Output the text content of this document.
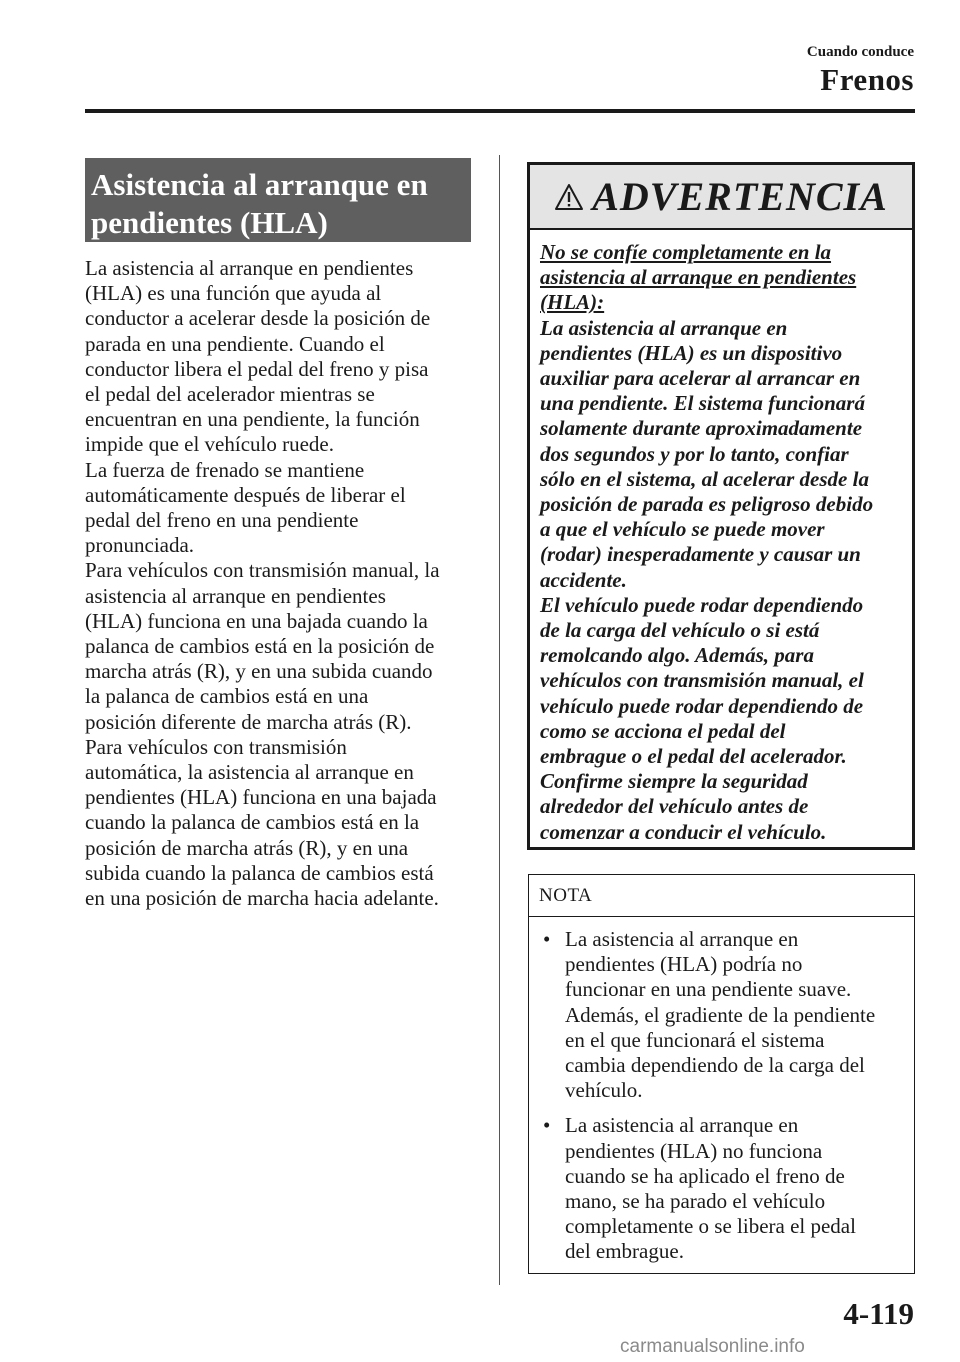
Cuando conduce
Frenos
Asistencia al arranque en
pendientes (HLA)

La asistencia al arranque en pendientes

(HLA) es una función que ayuda al

conductor a acelerar desde la posición de

parada en una pendiente. Cuando el

conductor libera el pedal del freno y pisa

el pedal del acelerador mientras se

encuentran en una pendiente, la función

impide que el vehículo ruede.

La fuerza de frenado se mantiene

automáticamente después de liberar el

pedal del freno en una pendiente

pronunciada.

Para vehículos con transmisión manual, la

asistencia al arranque en pendientes

(HLA) funciona en una bajada cuando la

palanca de cambios está en la posición de

marcha atrás (R), y en una subida cuando

la palanca de cambios está en una

posición diferente de marcha atrás (R).

Para vehículos con transmisión

automática, la asistencia al arranque en

pendientes (HLA) funciona en una bajada

cuando la palanca de cambios está en la

posición de marcha atrás (R), y en una

subida cuando la palanca de cambios está

en una posición de marcha hacia adelante.

ADVERTENCIA
No se confíe completamente en la
asistencia al arranque en pendientes
(HLA):
La asistencia al arranque en
pendientes (HLA) es un dispositivo
auxiliar para acelerar al arrancar en
una pendiente. El sistema funcionará
solamente durante aproximadamente
dos segundos y por lo tanto, confiar
sólo en el sistema, al acelerar desde la
posición de parada es peligroso debido
a que el vehículo se puede mover
(rodar) inesperadamente y causar un
accidente.
El vehículo puede rodar dependiendo
de la carga del vehículo o si está
remolcando algo. Además, para
vehículos con transmisión manual, el
vehículo puede rodar dependiendo de
como se acciona el pedal del
embrague o el pedal del acelerador.
Confirme siempre la seguridad
alrededor del vehículo antes de
comenzar a conducir el vehículo.
NOTA
• La asistencia al arranque en
pendientes (HLA) podría no
funcionar en una pendiente suave.
Además, el gradiente de la pendiente
en el que funcionará el sistema
cambia dependiendo de la carga del
vehículo.
• La asistencia al arranque en
pendientes (HLA) no funciona
cuando se ha aplicado el freno de
mano, se ha parado el vehículo
completamente o se libera el pedal
del embrague.
4-119
carmanualsonline.info
